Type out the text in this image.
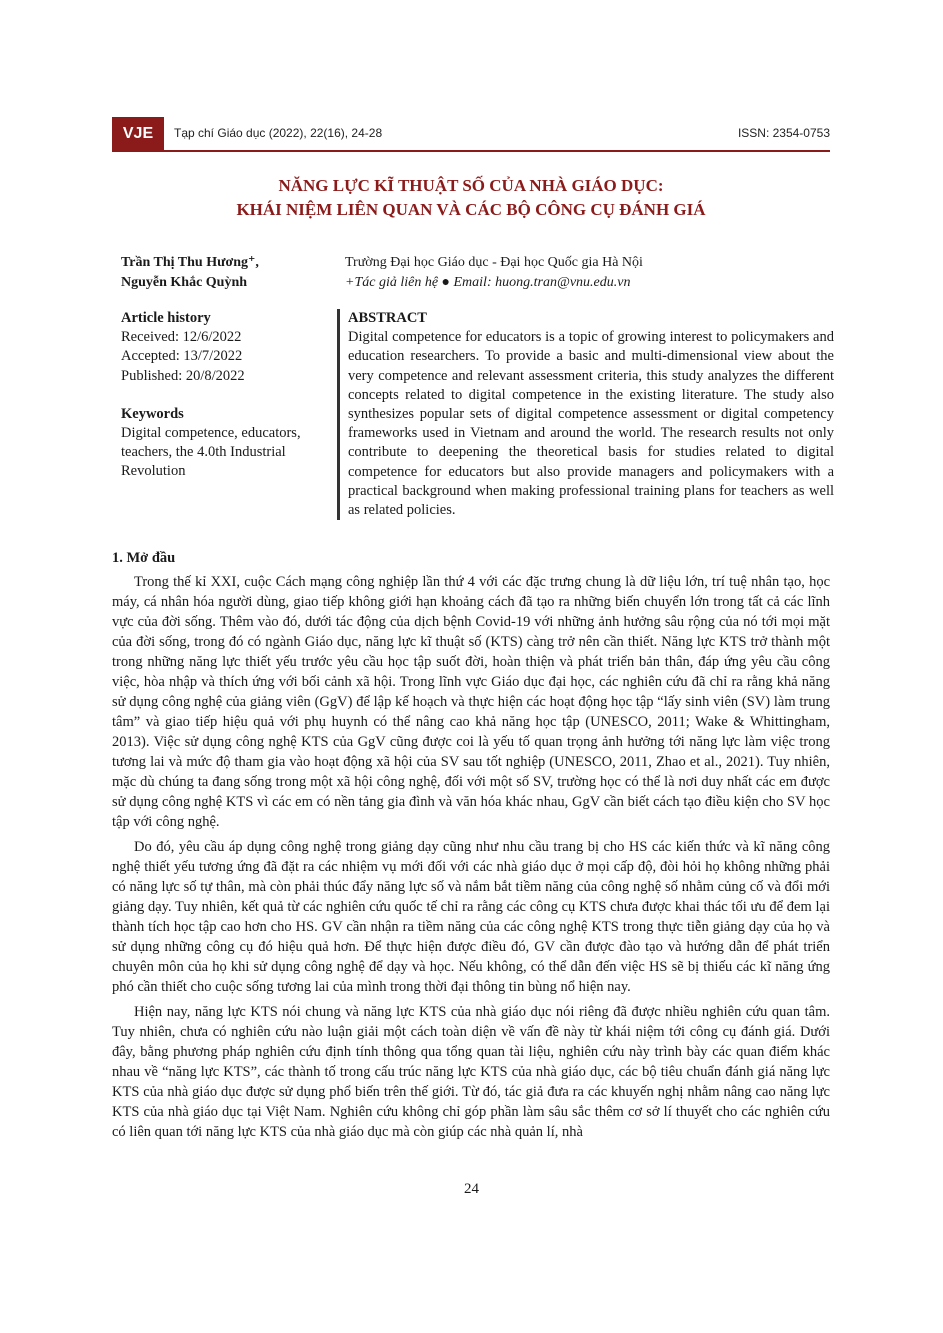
VJE	Tạp chí Giáo dục (2022), 22(16), 24-28	ISSN: 2354-0753
NĂNG LỰC KĨ THUẬT SỐ CỦA NHÀ GIÁO DỤC:
KHÁI NIỆM LIÊN QUAN VÀ CÁC BỘ CÔNG CỤ ĐÁNH GIÁ
Trần Thị Thu Hương⁺,
Nguyễn Khắc Quỳnh
Trường Đại học Giáo dục - Đại học Quốc gia Hà Nội
+Tác giả liên hệ ● Email: huong.tran@vnu.edu.vn
Article history
Received: 12/6/2022
Accepted: 13/7/2022
Published: 20/8/2022
Keywords
Digital competence, educators, teachers, the 4.0th Industrial Revolution
ABSTRACT
Digital competence for educators is a topic of growing interest to policymakers and education researchers. To provide a basic and multi-dimensional view about the very competence and relevant assessment criteria, this study analyzes the different concepts related to digital competence in the existing literature. The study also synthesizes popular sets of digital competence assessment or digital competency frameworks used in Vietnam and around the world. The research results not only contribute to deepening the theoretical basis for studies related to digital competence for educators but also provide managers and policymakers with a practical background when making professional training plans for teachers as well as related policies.
1. Mở đầu

Trong thế kỉ XXI, cuộc Cách mạng công nghiệp lần thứ 4 với các đặc trưng chung là dữ liệu lớn, trí tuệ nhân tạo, học máy, cá nhân hóa người dùng, giao tiếp không giới hạn khoảng cách đã tạo ra những biến chuyển lớn trong tất cả các lĩnh vực của đời sống. Thêm vào đó, dưới tác động của dịch bệnh Covid-19 với những ảnh hưởng sâu rộng của nó tới mọi mặt của đời sống, trong đó có ngành Giáo dục, năng lực kĩ thuật số (KTS) càng trở nên cần thiết. Năng lực KTS trở thành một trong những năng lực thiết yếu trước yêu cầu học tập suốt đời, hoàn thiện và phát triển bản thân, đáp ứng yêu cầu công việc, hòa nhập và thích ứng với bối cảnh xã hội. Trong lĩnh vực Giáo dục đại học, các nghiên cứu đã chỉ ra rằng khả năng sử dụng công nghệ của giảng viên (GgV) để lập kế hoạch và thực hiện các hoạt động học tập “lấy sinh viên (SV) làm trung tâm” và giao tiếp hiệu quả với phụ huynh có thể nâng cao khả năng học tập (UNESCO, 2011; Wake & Whittingham, 2013). Việc sử dụng công nghệ KTS của GgV cũng được coi là yếu tố quan trọng ảnh hưởng tới năng lực làm việc trong tương lai và mức độ tham gia vào hoạt động xã hội của SV sau tốt nghiệp (UNESCO, 2011, Zhao et al., 2021). Tuy nhiên, mặc dù chúng ta đang sống trong một xã hội công nghệ, đối với một số SV, trường học có thể là nơi duy nhất các em được sử dụng công nghệ KTS vì các em có nền tảng gia đình và văn hóa khác nhau, GgV cần biết cách tạo điều kiện cho SV học tập với công nghệ.

Do đó, yêu cầu áp dụng công nghệ trong giảng dạy cũng như nhu cầu trang bị cho HS các kiến thức và kĩ năng công nghệ thiết yếu tương ứng đã đặt ra các nhiệm vụ mới đối với các nhà giáo dục ở mọi cấp độ, đòi hỏi họ không những phải có năng lực số tự thân, mà còn phải thúc đẩy năng lực số và nắm bắt tiềm năng của công nghệ số nhằm củng cố và đổi mới giảng dạy. Tuy nhiên, kết quả từ các nghiên cứu quốc tế chỉ ra rằng các công cụ KTS chưa được khai thác tối ưu để đem lại thành tích học tập cao hơn cho HS. GV cần nhận ra tiềm năng của các công nghệ KTS trong thực tiễn giảng dạy của họ và sử dụng những công cụ đó hiệu quả hơn. Để thực hiện được điều đó, GV cần được đào tạo và hướng dẫn để phát triển chuyên môn của họ khi sử dụng công nghệ để dạy và học. Nếu không, có thể dẫn đến việc HS sẽ bị thiếu các kĩ năng ứng phó cần thiết cho cuộc sống tương lai của mình trong thời đại thông tin bùng nổ hiện nay.

Hiện nay, năng lực KTS nói chung và năng lực KTS của nhà giáo dục nói riêng đã được nhiều nghiên cứu quan tâm. Tuy nhiên, chưa có nghiên cứu nào luận giải một cách toàn diện về vấn đề này từ khái niệm tới công cụ đánh giá. Dưới đây, bằng phương pháp nghiên cứu định tính thông qua tổng quan tài liệu, nghiên cứu này trình bày các quan điểm khác nhau về “năng lực KTS”, các thành tố trong cấu trúc năng lực KTS của nhà giáo dục, các bộ tiêu chuẩn đánh giá năng lực KTS của nhà giáo dục được sử dụng phổ biến trên thế giới. Từ đó, tác giả đưa ra các khuyến nghị nhằm nâng cao năng lực KTS của nhà giáo dục tại Việt Nam. Nghiên cứu không chỉ góp phần làm sâu sắc thêm cơ sở lí thuyết cho các nghiên cứu có liên quan tới năng lực KTS của nhà giáo dục mà còn giúp các nhà quản lí, nhà

24
